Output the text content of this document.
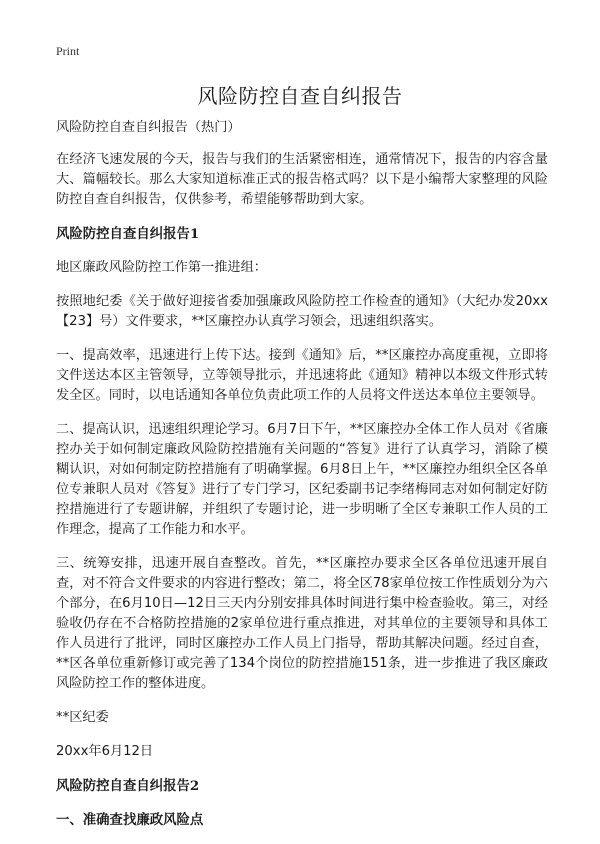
Print
风险防控自查自纠报告

风险防控自查自纠报告（热门）

在经济飞速发展的今天，报告与我们的生活紧密相连，通常情况下，报告的内容含量大、篇幅较长。那么大家知道标准正式的报告格式吗？以下是小编帮大家整理的风险防控自查自纠报告，仅供参考，希望能够帮助到大家。

风险防控自查自纠报告1

地区廉政风险防控工作第一推进组：

按照地纪委《关于做好迎接省委加强廉政风险防控工作检查的通知》（大纪办发20xx【23】号）文件要求，**区廉控办认真学习领会，迅速组织落实。

一、提高效率，迅速进行上传下达。接到《通知》后，**区廉控办高度重视，立即将文件送达本区主管领导，立等领导批示，并迅速将此《通知》精神以本级文件形式转发全区。同时，以电话通知各单位负责此项工作的人员将文件送达本单位主要领导。

二、提高认识，迅速组织理论学习。6月7日下午，**区廉控办全体工作人员对《省廉控办关于如何制定廉政风险防控措施有关问题的“答复》进行了认真学习，消除了模糊认识，对如何制定防控措施有了明确掌握。6月8日上午，**区廉控办组织全区各单位专兼职人员对《答复》进行了专门学习，区纪委副书记李绪梅同志对如何制定好防控措施进行了专题讲解，并组织了专题讨论，进一步明晰了全区专兼职工作人员的工作理念，提高了工作能力和水平。

三、统筹安排，迅速开展自查整改。首先，**区廉控办要求全区各单位迅速开展自查，对不符合文件要求的内容进行整改；第二，将全区78家单位按工作性质划分为六个部分，在6月10日—12日三天内分别安排具体时间进行集中检查验收。第三，对经验收仍存在不合格防控措施的2家单位进行重点推进，对其单位的主要领导和具体工作人员进行了批评，同时区廉控办工作人员上门指导，帮助其解决问题。经过自查，**区各单位重新修订或完善了134个岗位的防控措施151条，进一步推进了我区廉政风险防控工作的整体进度。

**区纪委

20xx年6月12日

风险防控自查自纠报告2
一、准确查找廉政风险点
